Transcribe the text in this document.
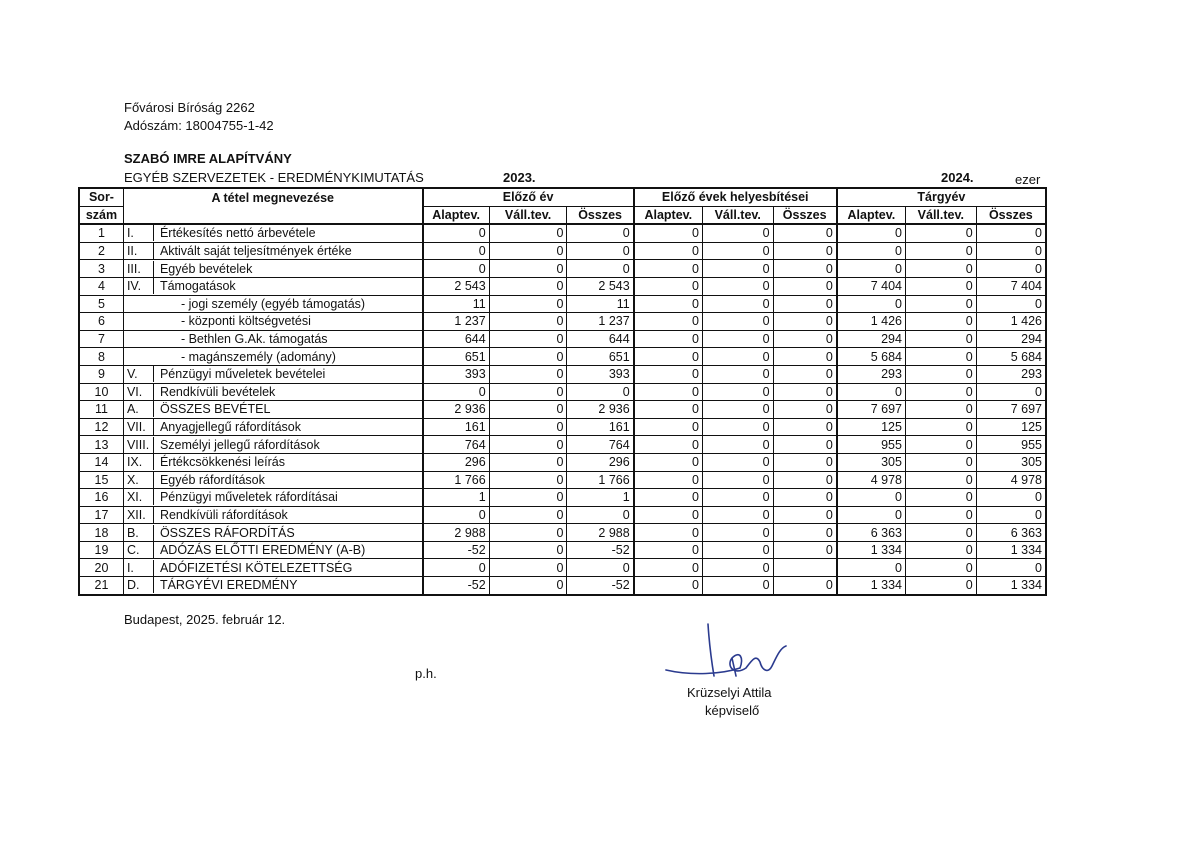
Fővárosi Bíróság 2262
Adószám: 18004755-1-42
SZABÓ IMRE ALAPÍTVÁNY
EGYÉB SZERVEZETEK - EREDMÉNYKIMUTATÁS	2023.	2024.	ezer
Sor-	A tétel megnevezése	Előző év			Előző évek helyesbítései			Tárgyév		
szám		Alaptev.	Váll.tev.	Összes	Alaptev.	Váll.tev.	Összes	Alaptev.	Váll.tev.	Összes
1	I. Értékesítés nettó árbevétele	0	0	0	0	0	0	0	0	0
2	II. Aktivált saját teljesítmények értéke	0	0	0	0	0	0	0	0	0
3	III. Egyéb bevételek	0	0	0	0	0	0	0	0	0
4	IV. Támogatások	2 543	0	2 543	0	0	0	7 404	0	7 404
5	- jogi személy (egyéb támogatás)	11	0	11	0	0	0	0	0	0
6	- központi költségvetési	1 237	0	1 237	0	0	0	1 426	0	1 426
7	- Bethlen G.Ak. támogatás	644	0	644	0	0	0	294	0	294
8	- magánszemély (adomány)	651	0	651	0	0	0	5 684	0	5 684
9	V. Pénzügyi műveletek bevételei	393	0	393	0	0	0	293	0	293
10	VI. Rendkívüli bevételek	0	0	0	0	0	0	0	0	0
11	A. ÖSSZES BEVÉTEL	2 936	0	2 936	0	0	0	7 697	0	7 697
12	VII. Anyagjellegű ráfordítások	161	0	161	0	0	0	125	0	125
13	VIII. Személyi jellegű ráfordítások	764	0	764	0	0	0	955	0	955
14	IX. Értékcsökkenési leírás	296	0	296	0	0	0	305	0	305
15	X. Egyéb ráfordítások	1 766	0	1 766	0	0	0	4 978	0	4 978
16	XI. Pénzügyi műveletek ráfordításai	1	0	1	0	0	0	0	0	0
17	XII. Rendkívüli ráfordítások	0	0	0	0	0	0	0	0	0
18	B. ÖSSZES RÁFORDÍTÁS	2 988	0	2 988	0	0	0	6 363	0	6 363
19	C. ADÓZÁS ELŐTTI EREDMÉNY (A-B)	-52	0	-52	0	0	0	1 334	0	1 334
20	I. ADÓFIZETÉSI KÖTELEZETTSÉG	0	0	0	0	0		0	0	0
21	D. TÁRGYÉVI EREDMÉNY	-52	0	-52	0	0	0	1 334	0	1 334
Budapest, 2025. február 12.
p.h.
Krüzselyi Attila
képviselő
